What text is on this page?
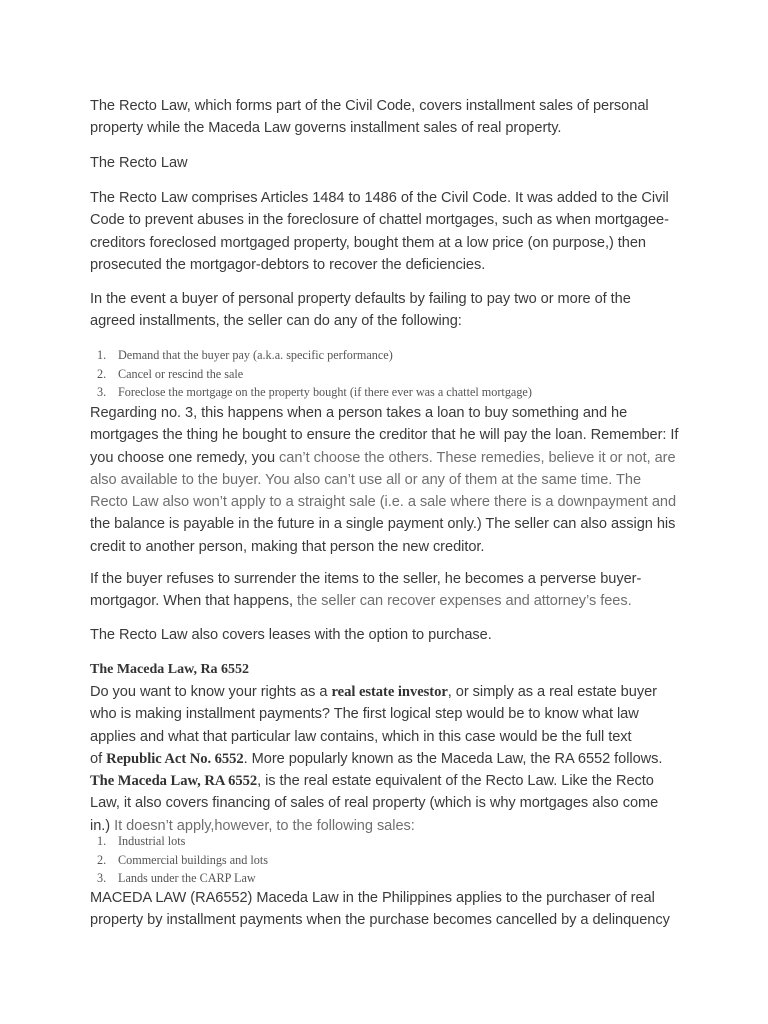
The Recto Law, which forms part of the Civil Code, covers installment sales of personal
property while the Maceda Law governs installment sales of real property.

The Recto Law

The Recto Law comprises Articles 1484 to 1486 of the Civil Code. It was added to the Civil
Code to prevent abuses in the foreclosure of chattel mortgages, such as when mortgagee-
creditors foreclosed mortgaged property, bought them at a low price (on purpose,) then
prosecuted the mortgagor-debtors to recover the deficiencies.

In the event a buyer of personal property defaults by failing to pay two or more of the
agreed installments, the seller can do any of the following:

1. Demand that the buyer pay (a.k.a. specific performance)
2. Cancel or rescind the sale
3. Foreclose the mortgage on the property bought (if there ever was a chattel mortgage)

Regarding no. 3, this happens when a person takes a loan to buy something and he
mortgages the thing he bought to ensure the creditor that he will pay the loan. Remember: If
you choose one remedy, you can’t choose the others. These remedies, believe it or not, are
also available to the buyer. You also can’t use all or any of them at the same time. The
Recto Law also won’t apply to a straight sale (i.e. a sale where there is a downpayment and
the balance is payable in the future in a single payment only.) The seller can also assign his
credit to another person, making that person the new creditor.

If the buyer refuses to surrender the items to the seller, he becomes a perverse buyer-
mortgagor. When that happens, the seller can recover expenses and attorney’s fees.

The Recto Law also covers leases with the option to purchase.

The Maceda Law, Ra 6552

Do you want to know your rights as a real estate investor, or simply as a real estate buyer
who is making installment payments? The first logical step would be to know what law
applies and what that particular law contains, which in this case would be the full text
of Republic Act No. 6552. More popularly known as the Maceda Law, the RA 6552 follows.
The Maceda Law, RA 6552, is the real estate equivalent of the Recto Law. Like the Recto
Law, it also covers financing of sales of real property (which is why mortgages also come
in.) It doesn’t apply,however, to the following sales:

1. Industrial lots
2. Commercial buildings and lots
3. Lands under the CARP Law

MACEDA LAW (RA6552) Maceda Law in the Philippines applies to the purchaser of real
property by installment payments when the purchase becomes cancelled by a delinquency
